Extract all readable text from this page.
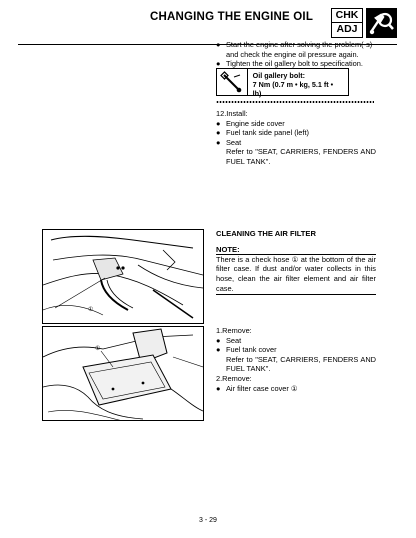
CHANGING THE ENGINE OIL	CHK
ADJ
● Start the engine after solving the problem(-s) and check the engine oil pressure again.
● Tighten the oil gallery bolt to specification.
Oil gallery bolt:
7 Nm (0.7 m • kg, 5.1 ft • lb)
12.Install:
● Engine side cover
● Fuel tank side panel (left)
● Seat
Refer to "SEAT, CARRIERS, FENDERS AND FUEL TANK".
①
CLEANING THE AIR FILTER
NOTE:
There is a check hose ① at the bottom of the air filter case. If dust and/or water collects in this hose, clean the air filter element and air filter case.
①
1.Remove:
● Seat
● Fuel tank cover
Refer to "SEAT, CARRIERS, FENDERS AND FUEL TANK".
2.Remove:
● Air filter case cover ①
3 - 29
